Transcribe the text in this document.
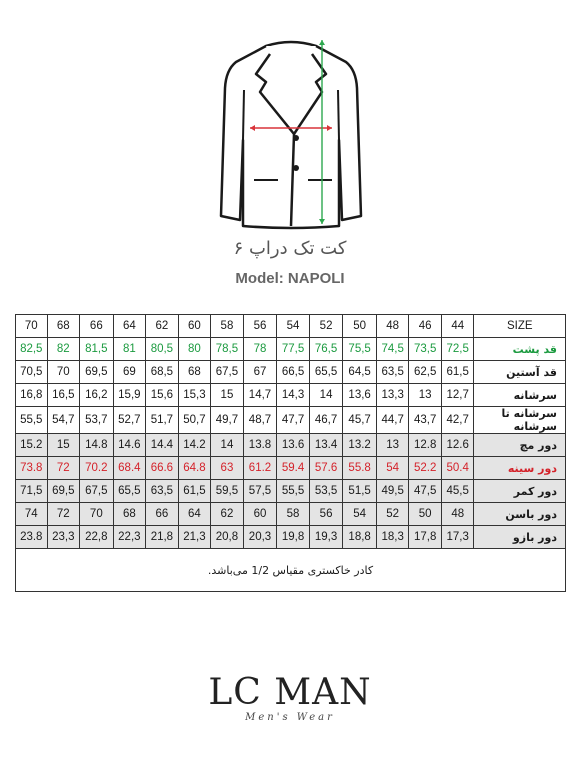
کت تک دراپ ۶
Model: NAPOLI
70	68	66	64	62	60	58	56	54	52	50	48	46	44	SIZE
82,5	82	81,5	81	80,5	80	78,5	78	77,5	76,5	75,5	74,5	73,5	72,5	قد پشت
70,5	70	69,5	69	68,5	68	67,5	67	66,5	65,5	64,5	63,5	62,5	61,5	قد آستین
16,8	16,5	16,2	15,9	15,6	15,3	15	14,7	14,3	14	13,6	13,3	13	12,7	سرشانه
55,5	54,7	53,7	52,7	51,7	50,7	49,7	48,7	47,7	46,7	45,7	44,7	43,7	42,7	سرشانه تا سرشانه
15.2	15	14.8	14.6	14.4	14.2	14	13.8	13.6	13.4	13.2	13	12.8	12.6	دور مچ
73.8	72	70.2	68.4	66.6	64.8	63	61.2	59.4	57.6	55.8	54	52.2	50.4	دور سینه
71,5	69,5	67,5	65,5	63,5	61,5	59,5	57,5	55,5	53,5	51,5	49,5	47,5	45,5	دور کمر
74	72	70	68	66	64	62	60	58	56	54	52	50	48	دور باسن
23.8	23,3	22,8	22,3	21,8	21,3	20,8	20,3	19,8	19,3	18,8	18,3	17,8	17,3	دور بازو
کادر خاکستری مقیاس 1/2 می‌باشد.														
LC MAN
Men's Wear
